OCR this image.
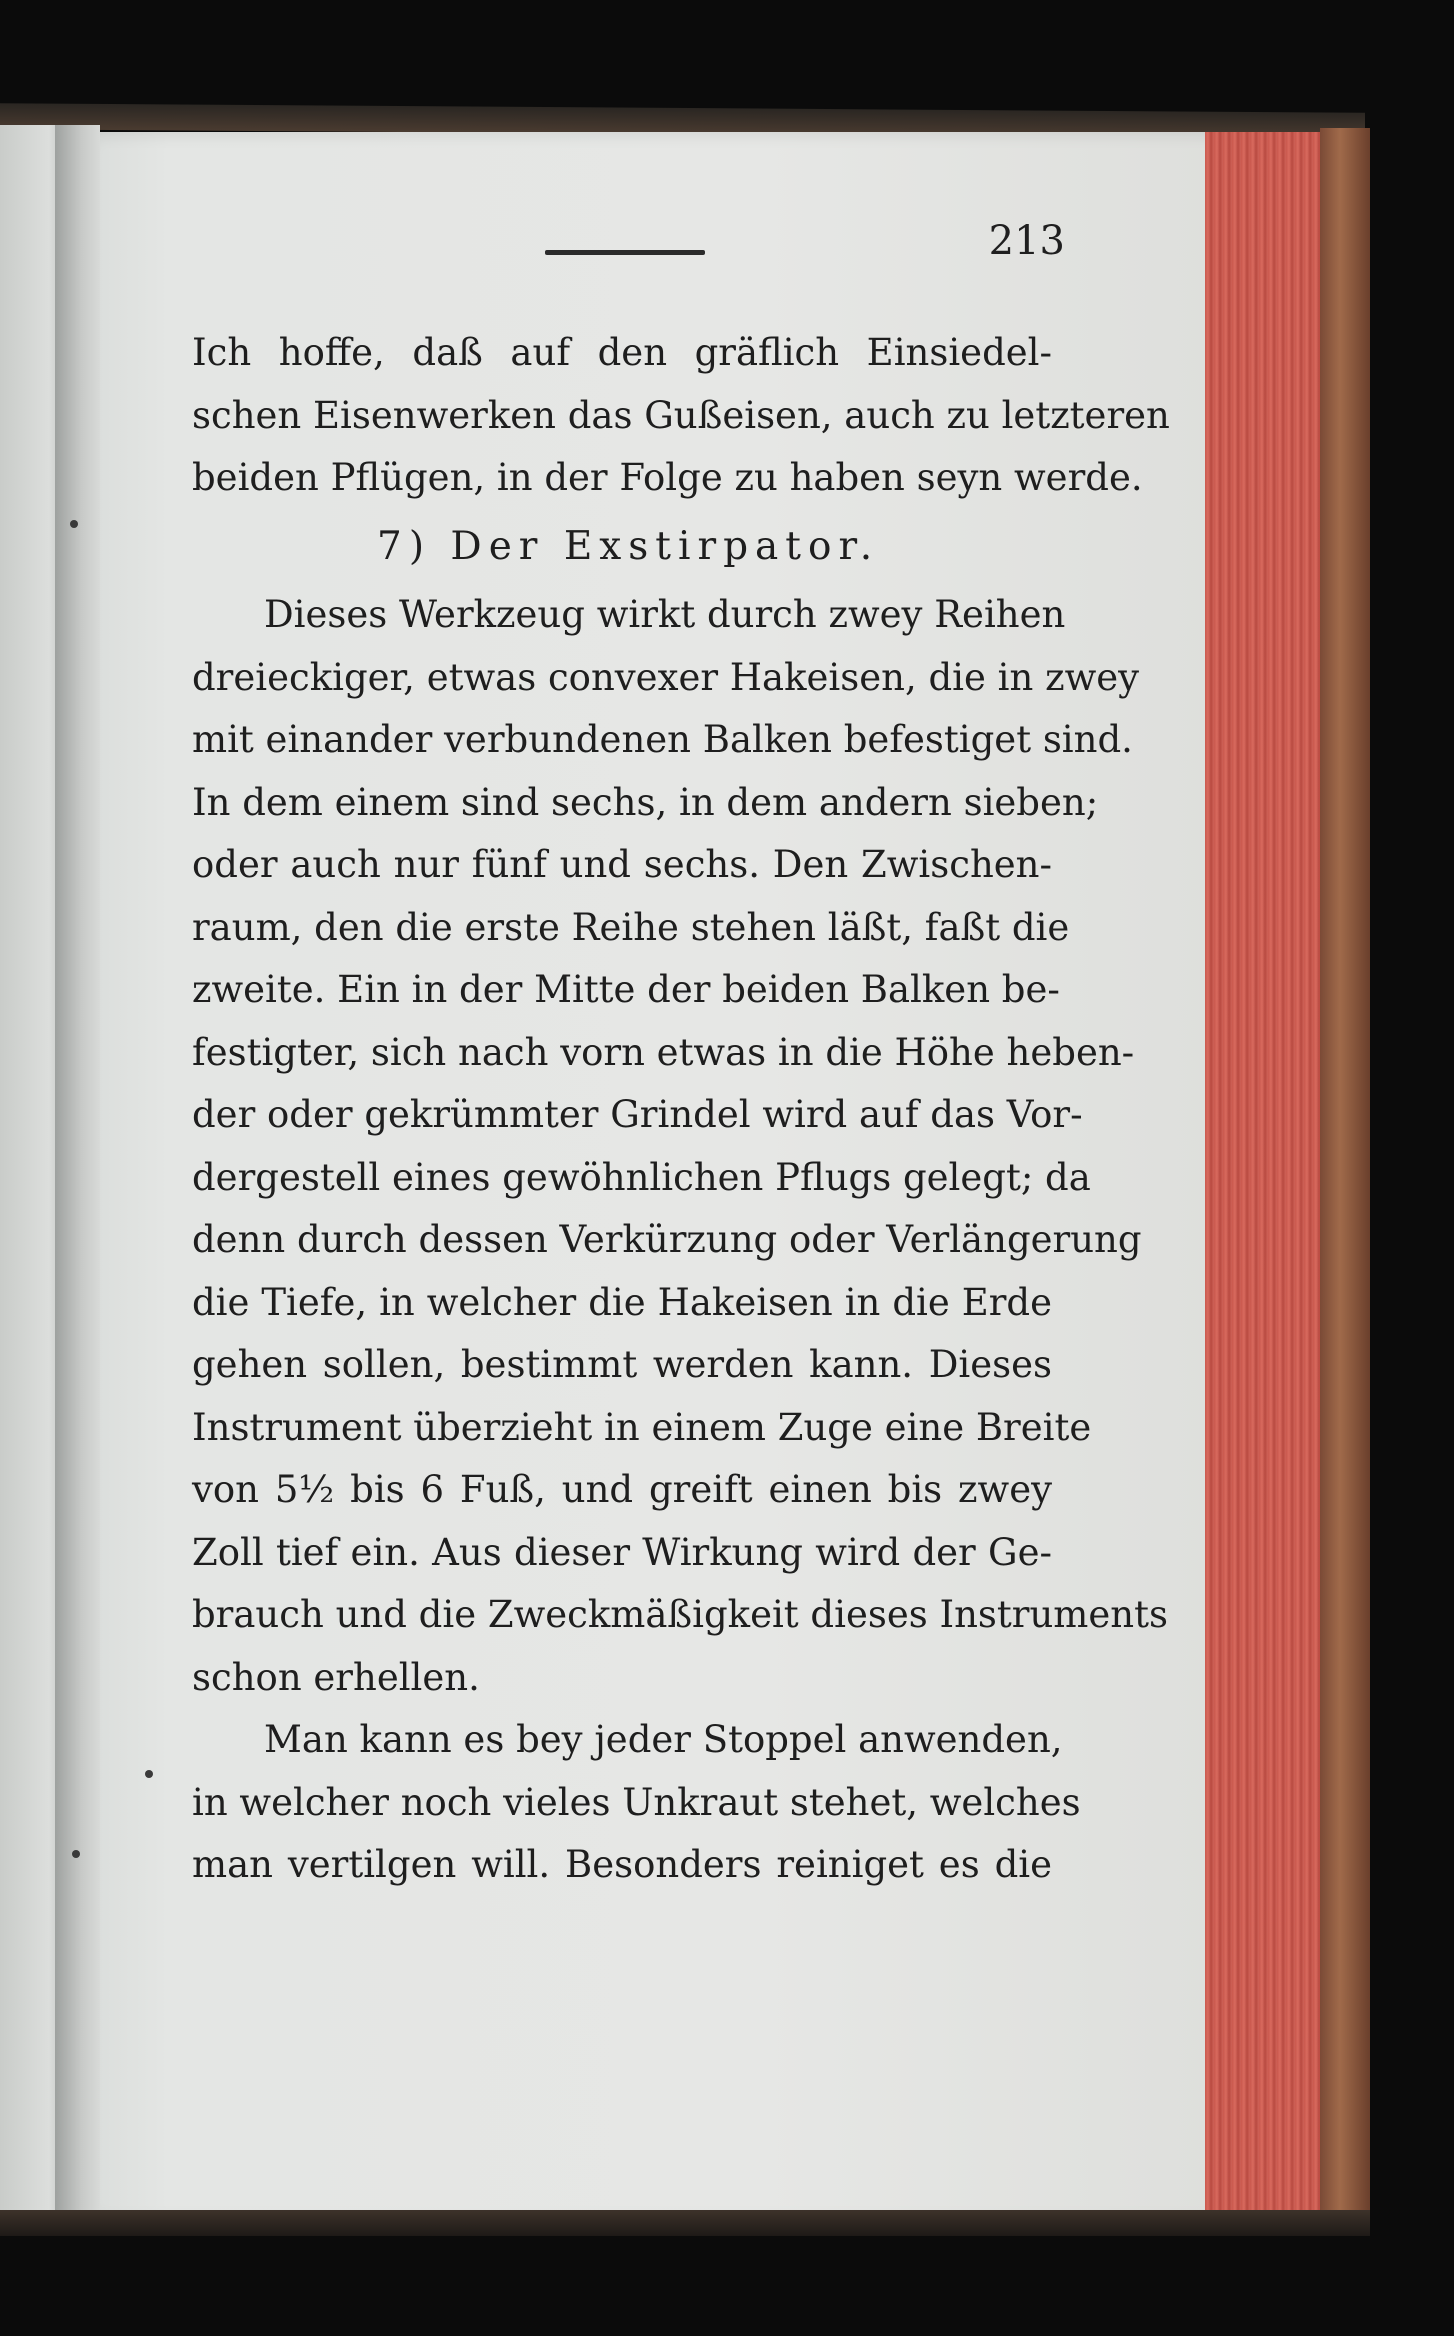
213
Ich hoffe, daß auf den gräflich Einsiedel-
schen Eisenwerken das Gußeisen, auch zu letzteren
beiden Pflügen, in der Folge zu haben seyn werde.
7) Der Exstirpator.
Dieses Werkzeug wirkt durch zwey Reihen
dreieckiger, etwas convexer Hakeisen, die in zwey
mit einander verbundenen Balken befestiget sind.
In dem einem sind sechs, in dem andern sieben;
oder auch nur fünf und sechs. Den Zwischen-
raum, den die erste Reihe stehen läßt, faßt die
zweite. Ein in der Mitte der beiden Balken be-
festigter, sich nach vorn etwas in die Höhe heben-
der oder gekrümmter Grindel wird auf das Vor-
dergestell eines gewöhnlichen Pflugs gelegt; da
denn durch dessen Verkürzung oder Verlängerung
die Tiefe, in welcher die Hakeisen in die Erde
gehen sollen, bestimmt werden kann. Dieses
Instrument überzieht in einem Zuge eine Breite
von 5½ bis 6 Fuß, und greift einen bis zwey
Zoll tief ein. Aus dieser Wirkung wird der Ge-
brauch und die Zweckmäßigkeit dieses Instruments
schon erhellen.
Man kann es bey jeder Stoppel anwenden,
in welcher noch vieles Unkraut stehet, welches
man vertilgen will. Besonders reiniget es die
